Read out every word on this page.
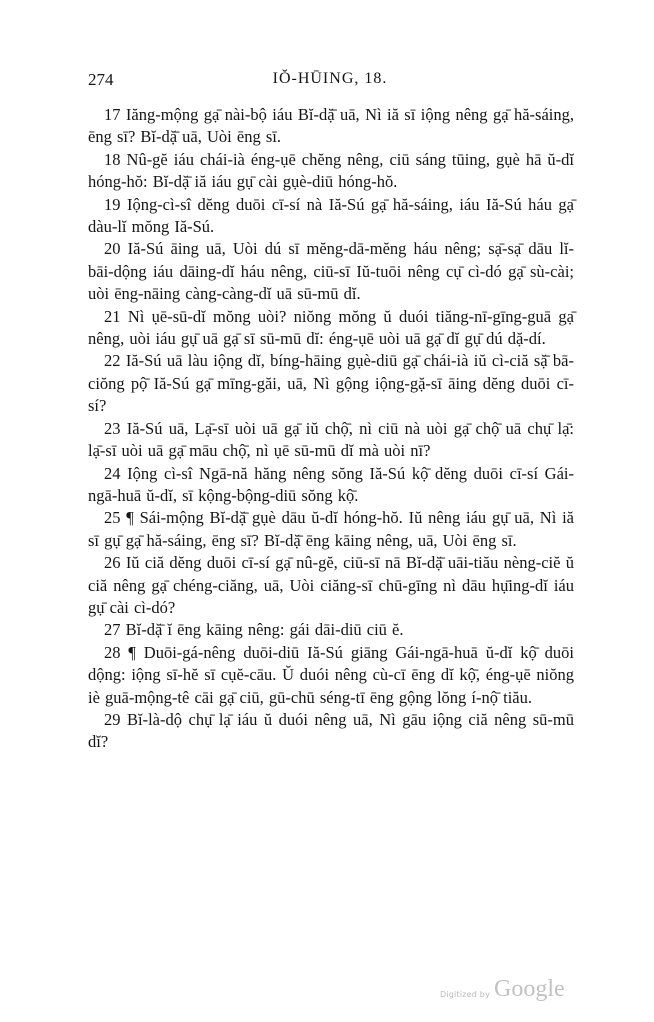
274	IŎ-HŪING, 18.

17 Iăng-mộng gạ̄ nài-bộ iáu Bĭ-dặ̄ uā, Nì iă sī iộng nêng gạ̄ hă-sáing, ēng sī? Bĭ-dặ̄ uā, Uòi ēng sī.

18 Nû-gĕ iáu chái-ià éng-ụē chĕng nêng, ciū sáng tūing, gụè hā ŭ-dĭ hóng-hŏ: Bĭ-dặ̄ iă iáu gụ̄ cài gụè-diū hóng-hŏ.

19 Iộng-cì-sî dĕng duōi cī-sí nà Iă-Sú gạ̄ hă-sáing, iáu Iă-Sú háu gạ̄ dàu-lĭ mŏng Iă-Sú.

20 Iă-Sú āing uā, Uòi dú sī mĕng-dā-mĕng háu nêng; sạ̄-sạ̄ dāu lĭ-bāi-dộng iáu dāing-dĭ háu nêng, ciū-sī Iŭ-tuōi nêng cụ̄ cì-dó gạ̄ sù-cài; uòi ēng-nāing càng-càng-dĭ uā sū-mū dĭ.

21 Nì ụē-sū-dĭ mŏng uòi? niŏng mŏng ŭ duói tiăng-nī-gīng-guā gạ̄ nêng, uòi iáu gụ̄ uā gạ̄ sī sū-mū dĭ: éng-ụē uòi uā gạ̄ dĭ gụ̄ dú dặ-dí.

22 Iă-Sú uā làu iộng dĭ, bíng-hāing gụè-diū gạ̄ chái-ià iŭ cì-ciă sặ̄ bā-ciŏng pộ̄ Iă-Sú gạ̄ mīng-găi, uā, Nì gộng iộng-gặ-sī āing dĕng duōi cī-sí?

23 Iă-Sú uā, Lạ̄-sī uòi uā gạ̄ iŭ chộ̄, nì ciū nà uòi gạ̄ chộ̄ uā chụ̄ lạ̄: lạ̄-sī uòi uā gạ̄ māu chộ̄, nì ụē sū-mū dĭ mà uòi nī?

24 Iộng cì-sî Ngā-nă hăng nêng sŏng Iă-Sú kộ̄ dĕng duōi cī-sí Gái-ngā-huā ŭ-dĭ, sī kộng-bộng-diū sŏng kộ̄.

25 ¶ Sái-mộng Bĭ-dặ̄ gụè dāu ŭ-dĭ hóng-hŏ. Iŭ nêng iáu gụ̄ uā, Nì iă sī gụ̄ gạ̄ hă-sáing, ēng sī? Bĭ-dặ̄ ēng kāing nêng, uā, Uòi ēng sī.

26 Iŭ ciă dĕng duōi cī-sí gạ̄ nû-gĕ, ciū-sī nā Bĭ-dặ̄ uāi-tiău nèng-ciĕ ŭ ciă nêng gạ̄ chéng-ciăng, uā, Uòi ciăng-sī chū-gīng nì dāu hụ̄ing-dĭ iáu gụ̄ cài cì-dó?

27 Bĭ-dặ̄ ĭ ēng kāing nêng: gái dāi-diū ciū ĕ.

28 ¶ Duōi-gá-nêng duōi-diū Iă-Sú giāng Gái-ngā-huā ŭ-dĭ kộ̄ duōi dộng: iộng sī-hĕ sī cụĕ-cāu. Ŭ duói nêng cù-cī ēng dĭ kộ̄, éng-ụē niŏng iè guā-mộng-tê cāi gạ̄ ciū, gū-chū séng-tī ēng gộng lŏng í-nộ̄ tiău.

29 Bĭ-là-dộ chụ̄ lạ̄ iáu ŭ duói nêng uā, Nì gāu iộng ciă nêng sū-mū dĭ?

Digitized by Google
